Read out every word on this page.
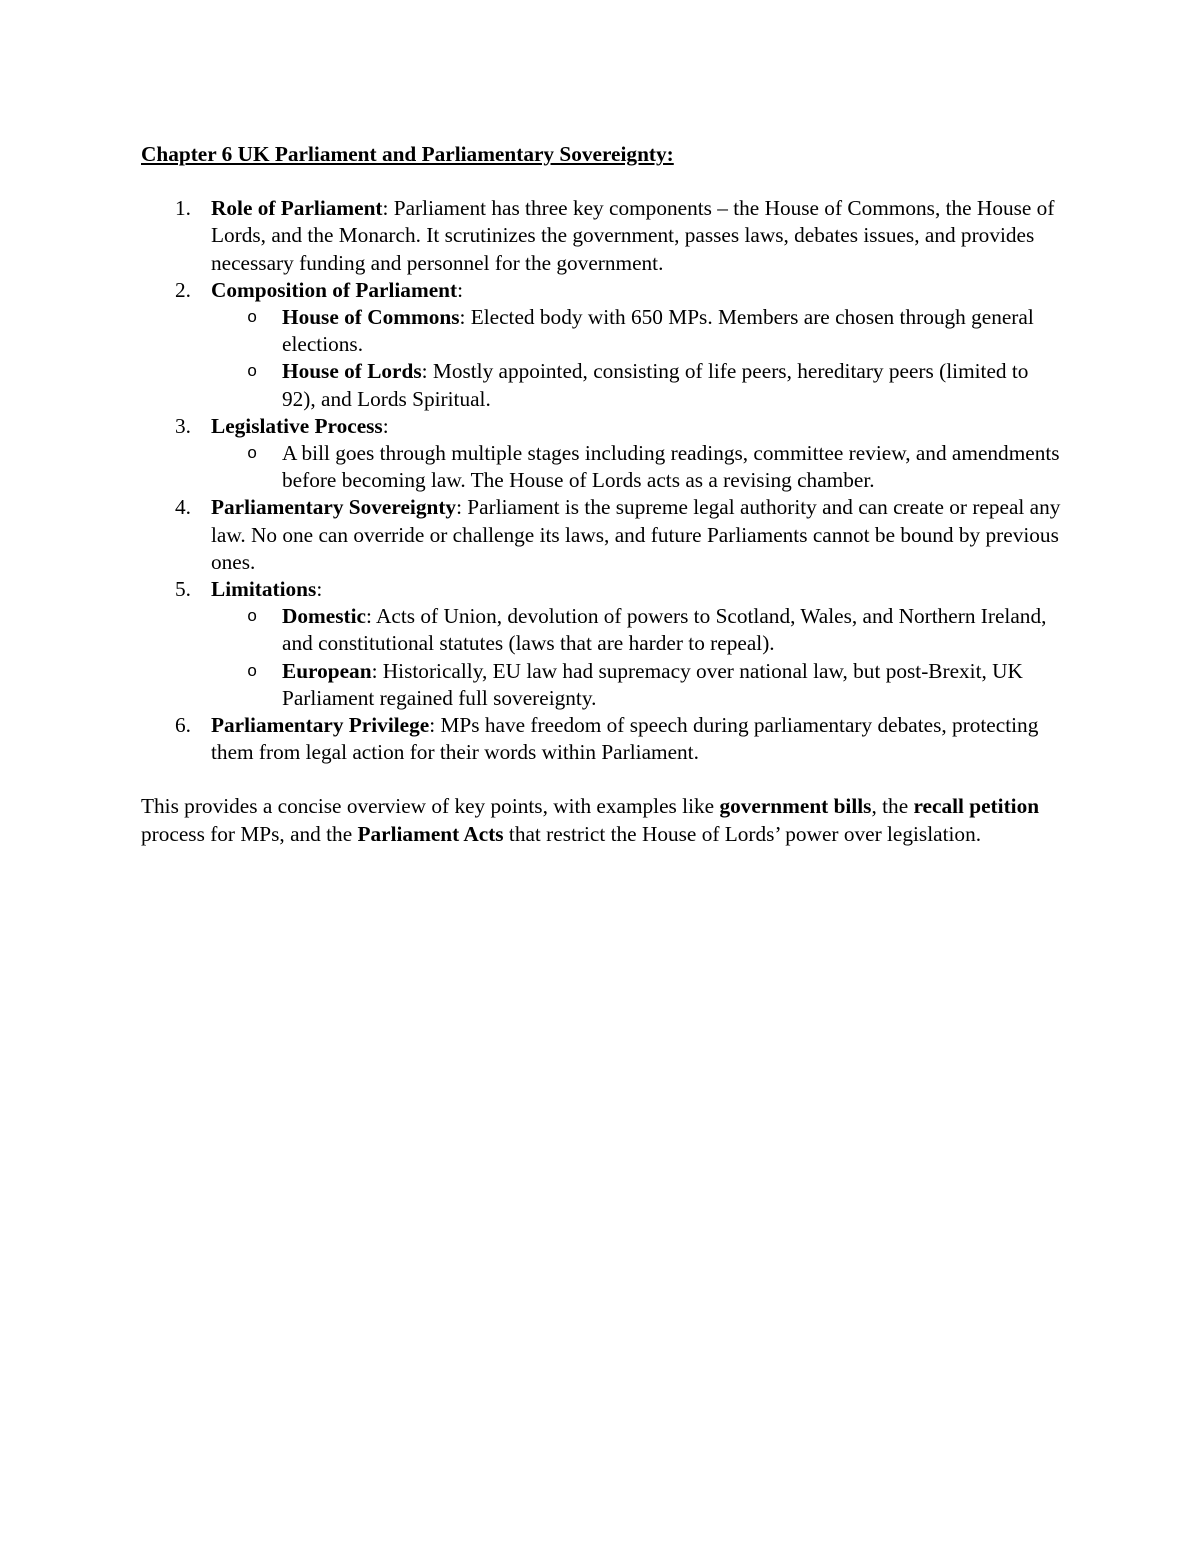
Chapter 6 UK Parliament and Parliamentary Sovereignty:
1. Role of Parliament: Parliament has three key components – the House of Commons, the House of Lords, and the Monarch. It scrutinizes the government, passes laws, debates issues, and provides necessary funding and personnel for the government.
2. Composition of Parliament:
o House of Commons: Elected body with 650 MPs. Members are chosen through general elections.
o House of Lords: Mostly appointed, consisting of life peers, hereditary peers (limited to 92), and Lords Spiritual.
3. Legislative Process:
o A bill goes through multiple stages including readings, committee review, and amendments before becoming law. The House of Lords acts as a revising chamber.
4. Parliamentary Sovereignty: Parliament is the supreme legal authority and can create or repeal any law. No one can override or challenge its laws, and future Parliaments cannot be bound by previous ones.
5. Limitations:
o Domestic: Acts of Union, devolution of powers to Scotland, Wales, and Northern Ireland, and constitutional statutes (laws that are harder to repeal).
o European: Historically, EU law had supremacy over national law, but post-Brexit, UK Parliament regained full sovereignty.
6. Parliamentary Privilege: MPs have freedom of speech during parliamentary debates, protecting them from legal action for their words within Parliament.

This provides a concise overview of key points, with examples like government bills, the recall petition process for MPs, and the Parliament Acts that restrict the House of Lords’ power over legislation.
